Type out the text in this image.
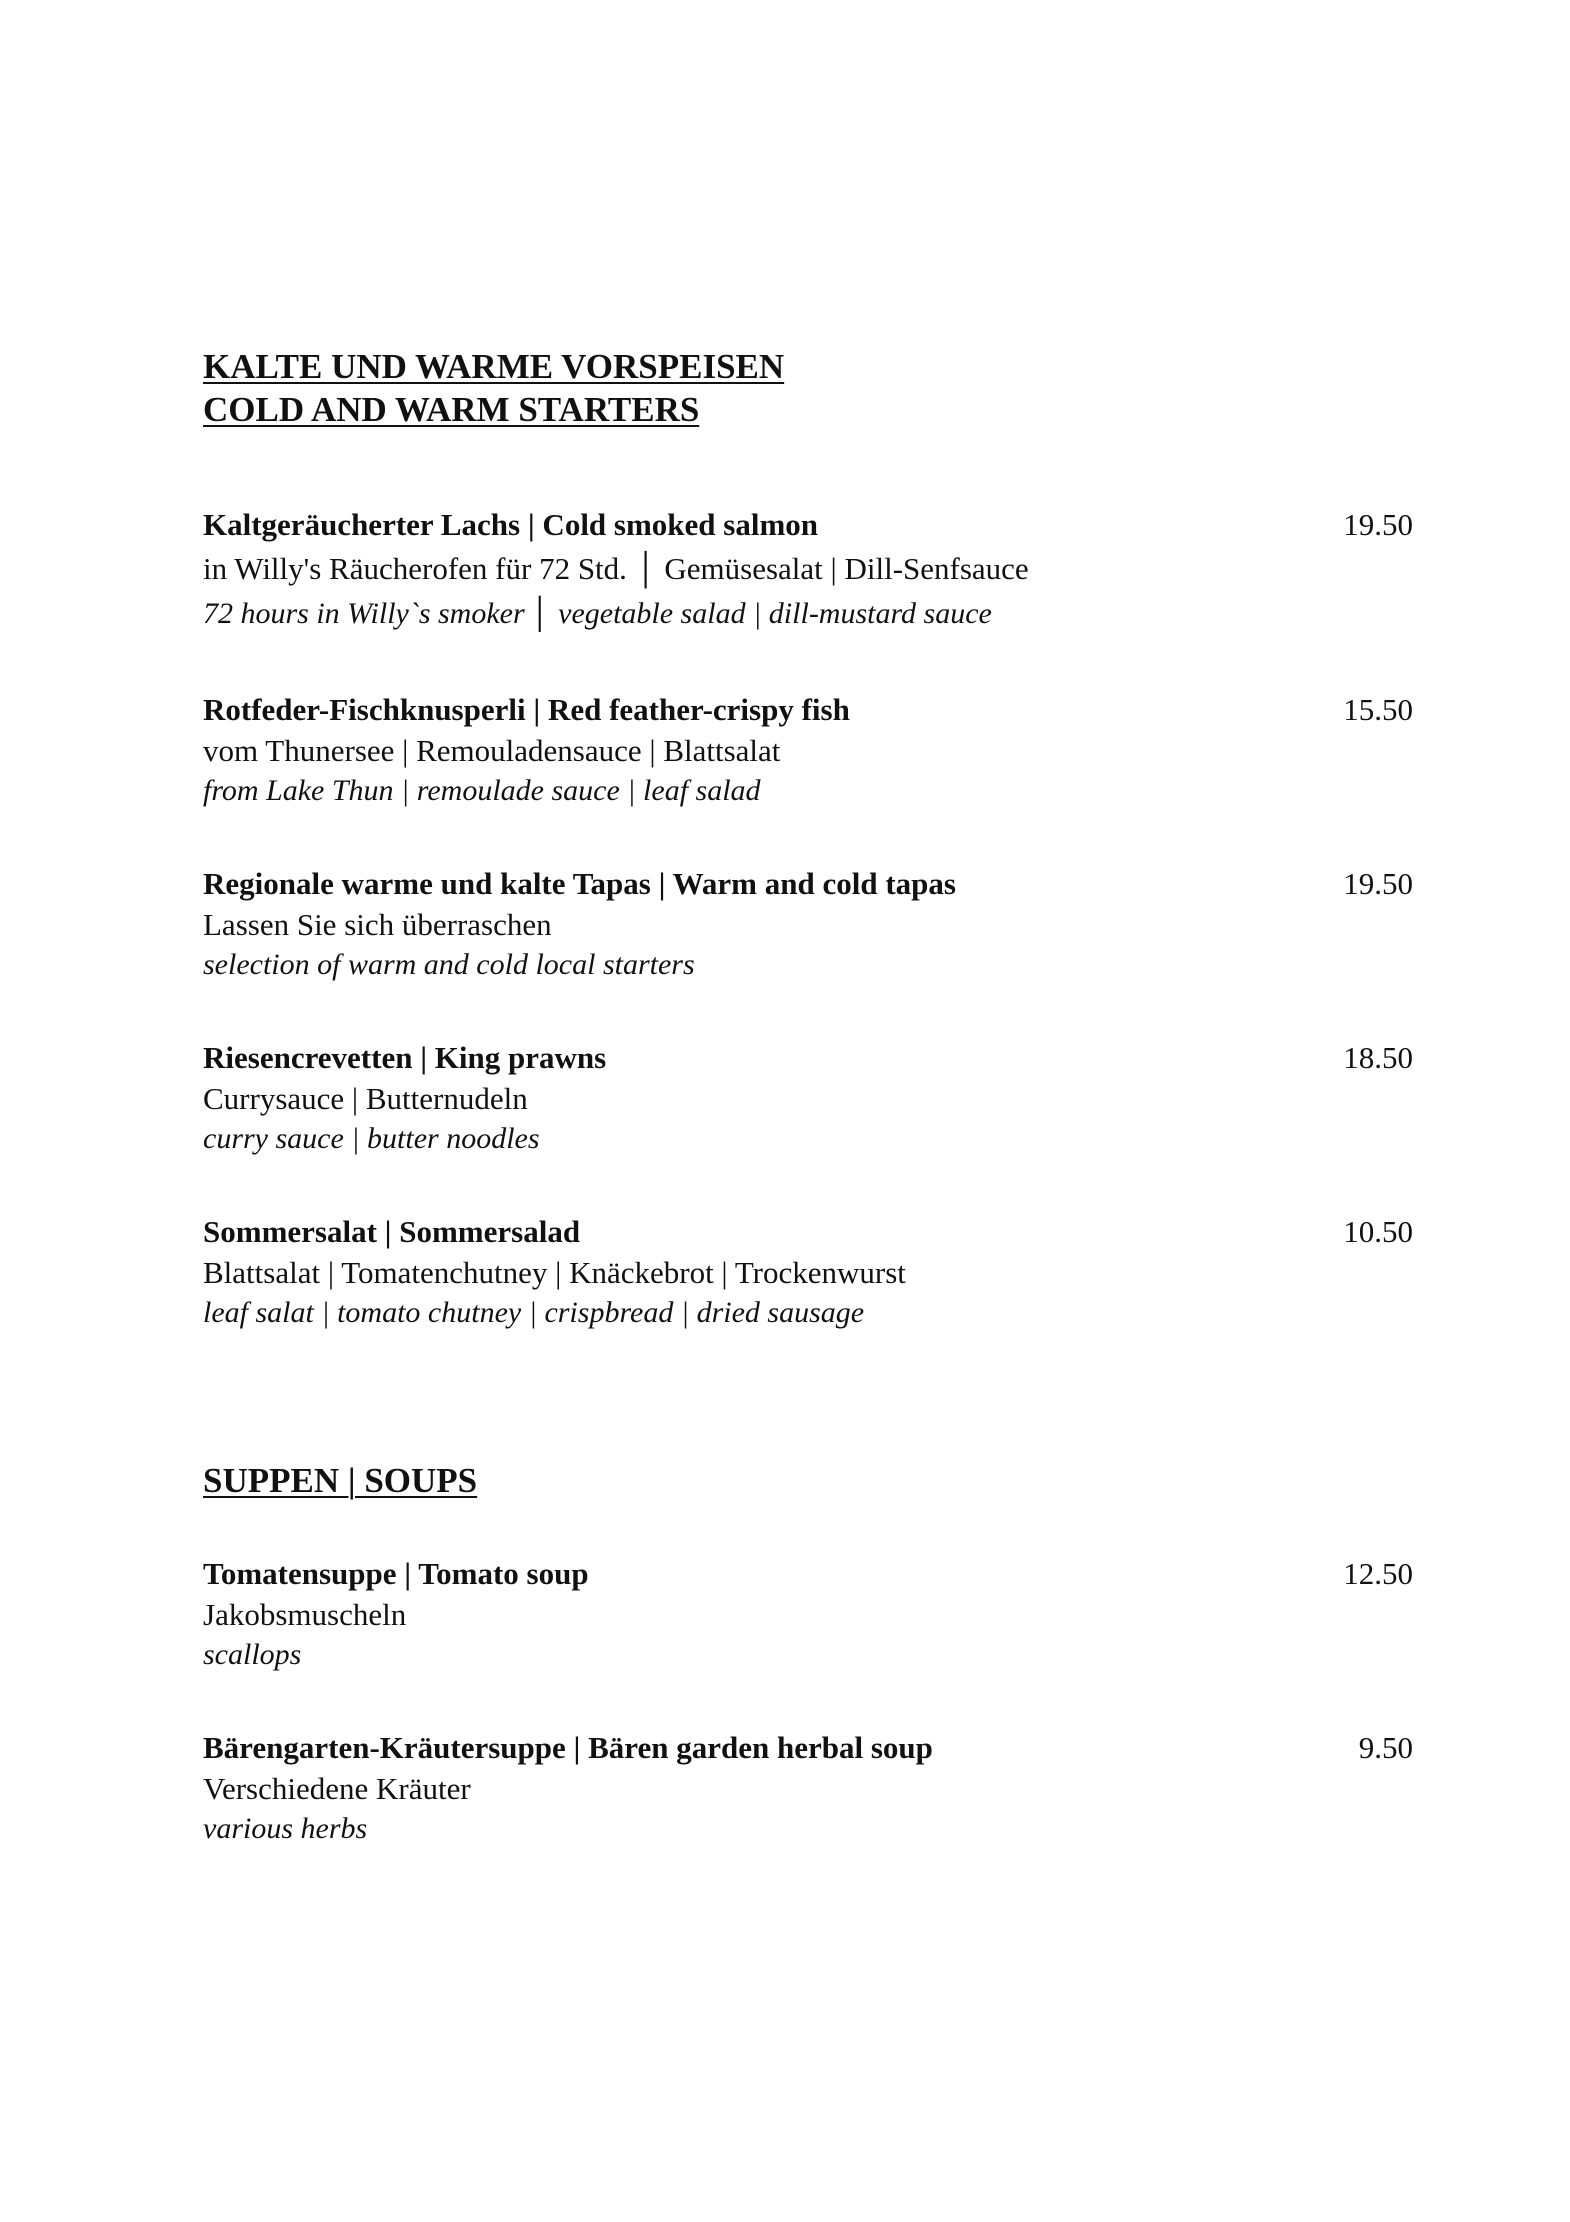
KALTE UND WARME VORSPEISEN
COLD AND WARM STARTERS
Kaltgeräucherter Lachs | Cold smoked salmon	19.50
in Willy's Räucherofen für 72 Std. │ Gemüsesalat | Dill-Senfsauce
72 hours in Willy`s smoker │ vegetable salad | dill-mustard sauce
Rotfeder-Fischknusperli | Red feather-crispy fish	15.50
vom Thunersee | Remouladensauce | Blattsalat
from Lake Thun | remoulade sauce | leaf salad
Regionale warme und kalte Tapas | Warm and cold tapas	19.50
Lassen Sie sich überraschen
selection of warm and cold local starters
Riesencrevetten | King prawns	18.50
Currysauce | Butternudeln
curry sauce | butter noodles
Sommersalat | Sommersalad	10.50
Blattsalat | Tomatenchutney | Knäckebrot | Trockenwurst
leaf salat | tomato chutney | crispbread | dried sausage
SUPPEN | SOUPS
Tomatensuppe | Tomato soup	12.50
Jakobsmuscheln
scallops
Bärengarten-Kräutersuppe | Bären garden herbal soup	9.50
Verschiedene Kräuter
various herbs
